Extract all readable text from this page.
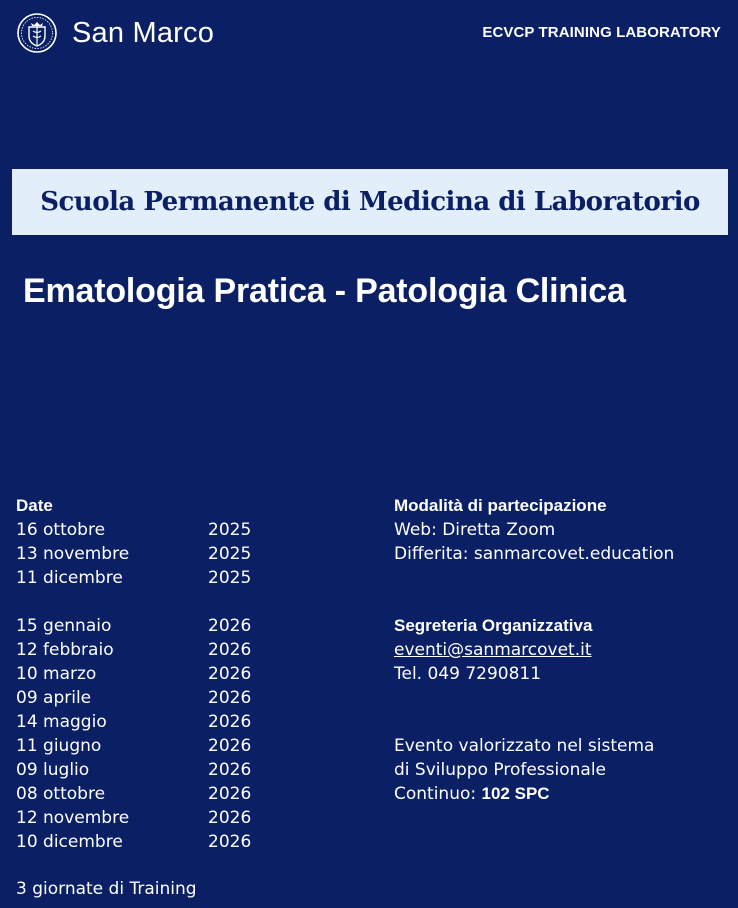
San Marco	ECVCP TRAINING LABORATORY
Scuola Permanente di Medicina di Laboratorio
Ematologia Pratica - Patologia Clinica
Date
16 ottobre	2025
13 novembre	2025
11 dicembre	2025
15 gennaio	2026
12 febbraio	2026
10 marzo	2026
09 aprile	2026
14 maggio	2026
11 giugno	2026
09 luglio	2026
08 ottobre	2026
12 novembre	2026
10 dicembre	2026
3 giornate di Training
Modalità di partecipazione
Web: Diretta Zoom
Differita: sanmarcovet.education
Segreteria Organizzativa
eventi@sanmarcovet.it
Tel. 049 7290811
Evento valorizzato nel sistema
di Sviluppo Professionale
Continuo: 102 SPC
